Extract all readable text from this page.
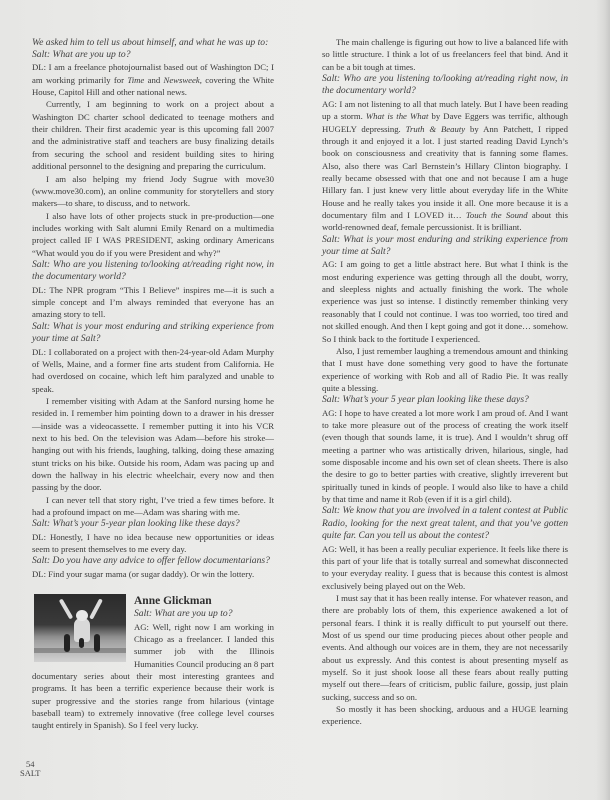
We asked him to tell us about himself, and what he was up to:

Salt: What are you up to?

DL: I am a freelance photojournalist based out of Washington DC; I am working primarily for Time and Newsweek, covering the White House, Capitol Hill and other national news.

Currently, I am beginning to work on a project about a Washington DC charter school dedicated to teenage mothers and their children. Their first academic year is this upcoming fall 2007 and the administrative staff and teachers are busy finalizing details from securing the school and resident building sites to hiring additional personnel to the designing and preparing the curriculum.

I am also helping my friend Jody Sugrue with move30 (www.move30.com), an online community for storytellers and story makers—to share, to discuss, and to network.

I also have lots of other projects stuck in pre-production—one includes working with Salt alumni Emily Renard on a multimedia project called IF I WAS PRESIDENT, asking ordinary Americans “What would you do if you were President and why?”

Salt: Who are you listening to/looking at/reading right now, in the documentary world?

DL: The NPR program “This I Believe” inspires me—it is such a simple concept and I’m always reminded that everyone has an amazing story to tell.

Salt: What is your most enduring and striking experience from your time at Salt?

DL: I collaborated on a project with then-24-year-old Adam Murphy of Wells, Maine, and a former fine arts student from California. He had overdosed on cocaine, which left him paralyzed and unable to speak.

I remember visiting with Adam at the Sanford nursing home he resided in. I remember him pointing down to a drawer in his dresser—inside was a videocassette. I remember putting it into his VCR next to his bed. On the television was Adam—before his stroke—hanging out with his friends, laughing, talking, doing these amazing stunt tricks on his bike. Outside his room, Adam was pacing up and down the hallway in his electric wheelchair, every now and then passing by the door.

I can never tell that story right, I’ve tried a few times before. It had a profound impact on me—Adam was sharing with me.

Salt: What’s your 5-year plan looking like these days?

DL: Honestly, I have no idea because new opportunities or ideas seem to present themselves to me every day.

Salt: Do you have any advice to offer fellow documentarians?

DL: Find your sugar mama (or sugar daddy). Or win the lottery.

Anne Glickman

Salt: What are you up to?

AG: Well, right now I am working in Chicago as a freelancer. I landed this summer job with the Illinois Humanities Council producing an 8 part documentary series about their most interesting grantees and programs. It has been a terrific experience because their work is super progressive and the stories range from hilarious (vintage baseball team) to extremely innovative (free college level courses taught entirely in Spanish). So I feel very lucky.

The main challenge is figuring out how to live a balanced life with so little structure. I think a lot of us freelancers feel that bind. And it can be a bit tough at times.

Salt: Who are you listening to/looking at/reading right now, in the documentary world?

AG: I am not listening to all that much lately. But I have been reading up a storm. What is the What by Dave Eggers was terrific, although HUGELY depressing. Truth & Beauty by Ann Patchett, I ripped through it and enjoyed it a lot. I just started reading David Lynch’s book on consciousness and creativity that is fanning some flames. Also, also there was Carl Bernstein’s Hillary Clinton biography. I really became obsessed with that one and not because I am a huge Hillary fan. I just knew very little about everyday life in the White House and he really takes you inside it all. One more because it is a documentary film and I LOVED it… Touch the Sound about this world-renowned deaf, female percussionist. It is brilliant.

Salt: What is your most enduring and striking experience from your time at Salt?

AG: I am going to get a little abstract here. But what I think is the most enduring experience was getting through all the doubt, worry, and sleepless nights and actually finishing the work. The whole experience was just so intense. I distinctly remember thinking very reasonably that I could not continue. I was too worried, too tired and not skilled enough. And then I kept going and got it done… somehow. So I think back to the fortitude I experienced.

Also, I just remember laughing a tremendous amount and thinking that I must have done something very good to have the fortunate experience of working with Rob and all of Radio Pie. It was really quite a blessing.

Salt: What’s your 5 year plan looking like these days?

AG: I hope to have created a lot more work I am proud of. And I want to take more pleasure out of the process of creating the work itself (even though that sounds lame, it is true). And I wouldn’t shrug off meeting a partner who was artistically driven, hilarious, single, had some disposable income and his own set of clean sheets. There is also the desire to go to better parties with creative, slightly irreverent but spiritually tuned in kinds of people. I would also like to have a child by that time and name it Rob (even if it is a girl child).

Salt: We know that you are involved in a talent contest at Public Radio, looking for the next great talent, and that you’ve gotten quite far. Can you tell us about the contest?

AG: Well, it has been a really peculiar experience. It feels like there is this part of your life that is totally surreal and somewhat disconnected to your everyday reality. I guess that is because this contest is almost exclusively being played out on the Web.

I must say that it has been really intense. For whatever reason, and there are probably lots of them, this experience awakened a lot of personal fears. I think it is really difficult to put yourself out there. Most of us spend our time producing pieces about other people and events. And although our voices are in them, they are not necessarily about us expressly. And this contest is about presenting myself as myself. So it just shook loose all these fears about really putting myself out there—fears of criticism, public failure, gossip, just plain sucking, success and so on.

So mostly it has been shocking, arduous and a HUGE learning experience.

54
SALT
